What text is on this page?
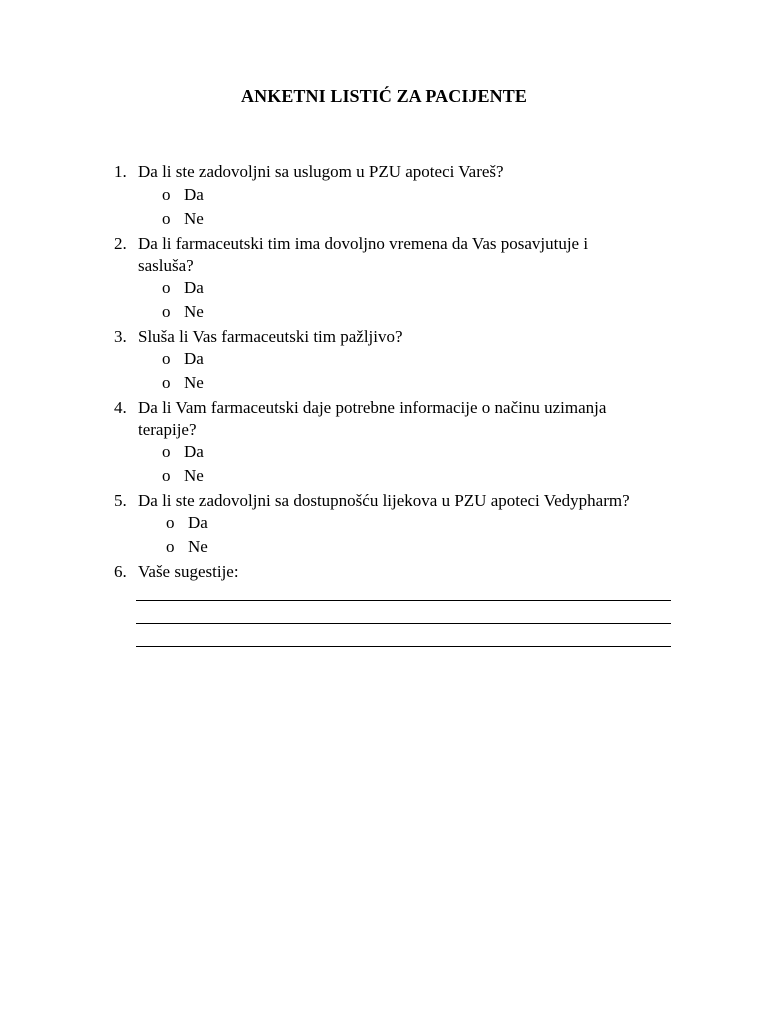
ANKETNI LISTIĆ ZA PACIJENTE
1. Da li ste zadovoljni sa uslugom u PZU apoteci Vareš?
o Da
o Ne
2. Da li farmaceutski tim ima dovoljno vremena da Vas posavjutuje i
sasluša?
o Da
o Ne
3. Sluša li Vas farmaceutski tim pažljivo?
o Da
o Ne
4. Da li Vam farmaceutski daje potrebne informacije o načinu uzimanja
terapije?
o Da
o Ne
5. Da li ste zadovoljni sa dostupnošću lijekova u PZU apoteci Vedypharm?
o Da
o Ne
6. Vaše sugestije:
